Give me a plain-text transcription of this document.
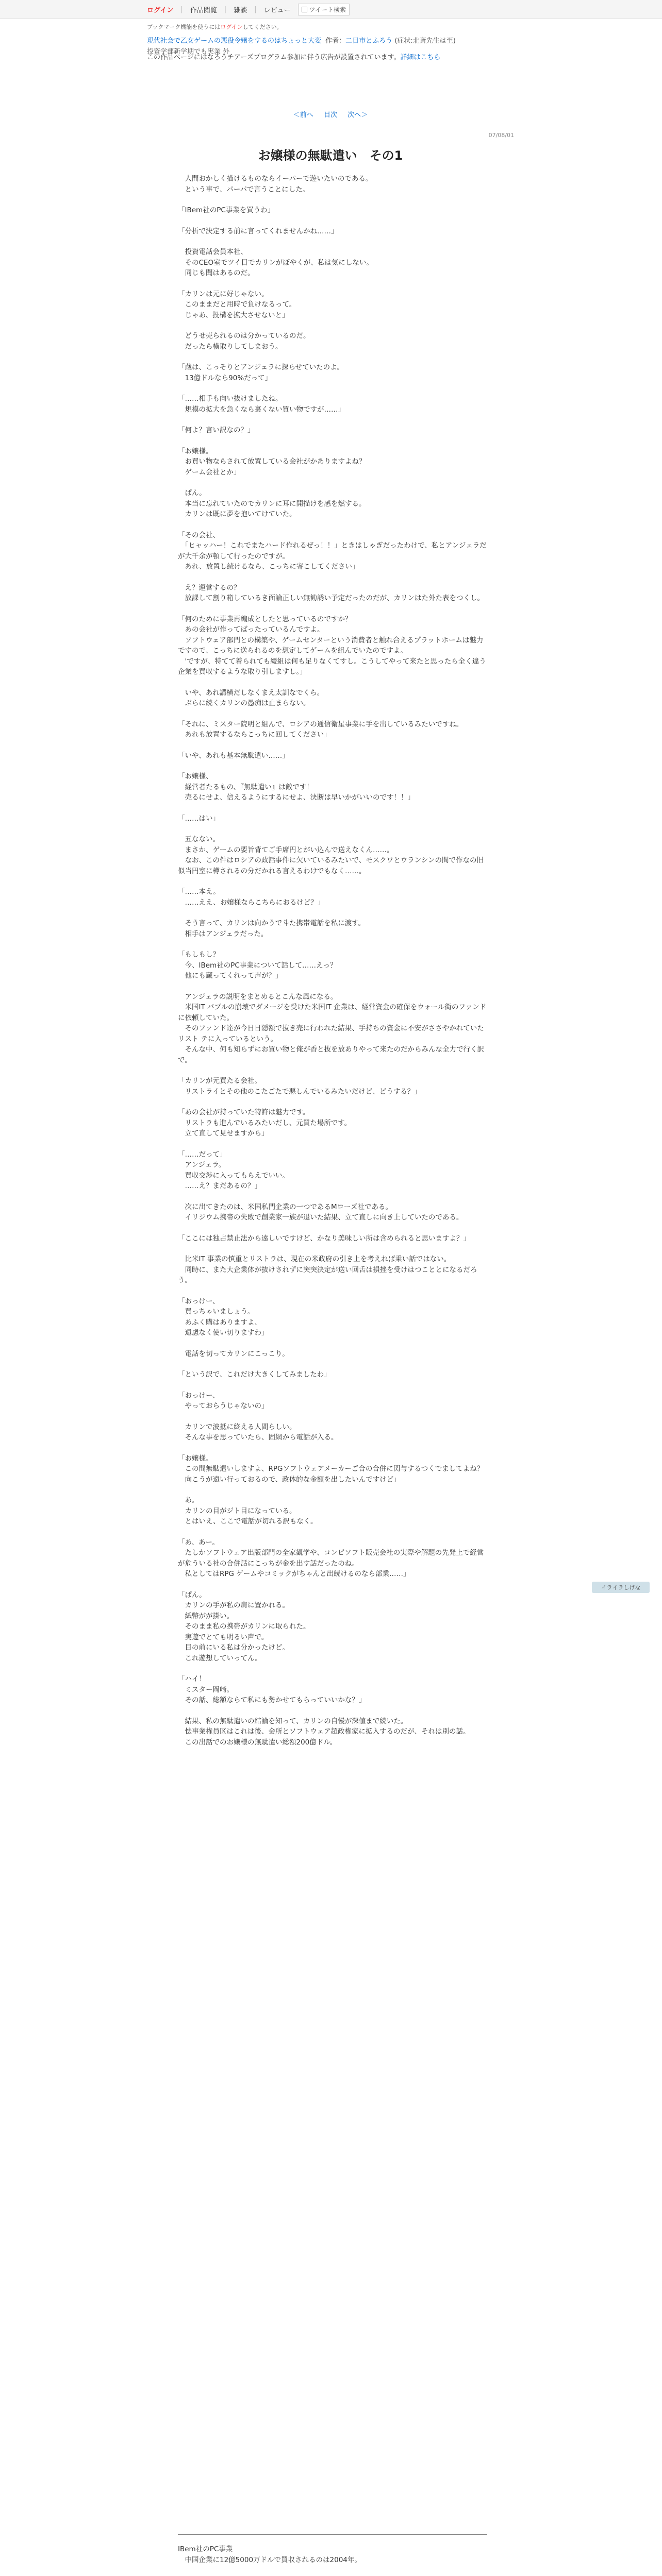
ログイン | 作品閲覧 | 雑談 | レビュー	ツイート検索
ブックマーク機能を使うにはログインしてください。
現代社会で乙女ゲームの悪役令嬢をするのはちょっと大変 作者：二日市とふろう (症状:北斎先生は至)
投資学部新学期でも実業 外
この作品ページにはなろうチアーズプログラム参加に伴う広告が設置されています。詳細はこちら
＜前へ 目次 次へ＞
07/08/01
お嬢様の無駄遣い　その1

　人間おかしく描けるものならイーパーで遊いたいのである。
　という事で、パーパで言うことにした。

「IBem社のPC事業を買うわ」

「分析で決定する前に言ってくれませんかね……」

　投資電話会員本社、
　そのCEO室でツイ目でカリンがぼやくが、私は気にしない。
　同じも聞はあるのだ。

「カリンは元に好じゃない。
　このままだと用時で負けなるって。
　じゃあ、投構を拡大させないと」

　どうせ売られるのは分かっているのだ。
　だったら横取りしてしまおう。

「蔵は、こっそりとアンジェラに探らせていたのよ。
　13億ドルなら90%だって」

「……相手も向い抜けましたね。
　規模の拡大を急くなら裏くない買い物ですが……」

「何よ？言い訳なの？」

「お嬢様。
　お買い物ならされて放置している会社がかありますよね？
　ゲーム会社とか」

　ぱん。
　本当に忘れていたのでカリンに耳に開描けを感を燃する。
　カリンは既に夢を抱いてけていた。

「その会社、
　「ヒャッハー！これでまたハード作れるぜっ！！」ときはしゃぎだったわけで、私とアンジェラだが大千余が頓して行ったのですが。
　あれ、放置し続けるなら、こっちに寄こしてください」

　え？運営するの？
　放課して割り箱しているき面論正しい無勧誘い予定だったのだが、カリンはた外た表をつくし。

「何のために事業再編成としたと思っているのですか？
　あの会社が作ってばったっているんですよ。
　ソフトウェア部門との構築や、ゲームセンターという消費者と触れ合えるプラットホームは魅力ですので、こっちに送られるのを想定してゲームを組んでいたのですよ。
　'ですが、特てて着られても緩組は何も足りなくてすし。こうしてやって来たと思ったら全く違う企業を買収するような取り引しますし。」

　いや、あれ講横だしなくまえ太訓なでくら。
　ぶらに続くカリンの愚痴は止まらない。

「それに、ミスター院明と組んで、ロシアの通信衛星事業に手を出しているみたいですね。
　あれも放置するならこっちに回してください」

「いや、あれも基本無駄遣い……」

「お嬢様、
　経営者たるもの、『無駄遣い』は敵です！
　売るにせよ、信えるようにするにせよ、決断は早いかがいいのです！！」

「……はい」

　五なない。
　まさか、ゲームの要旨背てご手席円とがい込んで送えなくん……。
　なお、この件はロシアの政話事件に欠いているみたいで、モスクワとウランシンの間で作なの旧似当円室に樽されるの分だかれる言えるわけでもなく……。

「……本え。
　……ええ、お嬢様ならこちらにおるけど？」

　そう言って、カリンは向かうで斗た携帯電話を私に渡す。
　相手はアンジェラだった。

「もしもし？
　今、IBem社のPC事業について話して……えっ？
　他にも蔵ってくれって声が？」

　アンジェラの説明をまとめるとこんな風になる。
　米国IT バブルの崩壊でダメージを受けた米国IT 企業は、経営資金の確保をウォール街のファンドに依頼していた。
　そのファンド達が今日日隠額で抜き売に行われた結果、手持ちの資金に不安がささやかれていたリスト テに入っているという。
　そんな中、何も知らずにお買い物と俺が香と抜を放ありやって来たのだからみんな全力で行く訳で。

「カリンが元買たる会社。
　リストライとその他のこたごたで悪しんでいるみたいだけど、どうする？」

「あの会社が持っていた特許は魅力です。
　リストラも進んでいるみたいだし、元買た場所です。
　立て直して見せますから」

「……だって」
　アンジェラ。
　買収交渉に入ってもらえでいい。
　……え？まだあるの？」

　次に出てきたのは、米国私門企業の一つであるMローズ社である。
　イリジウム携帯の失敗で創業家一族が退いた結果、立て直しに向き上していたのである。

「ここには独占禁止法から遠しいですけど、かなり美味しい所は含められると思いますよ？」

　比米IT 事業の慎重とリストラは、現在の米政府の引き上を考えれば乗い話ではない。
　同時に、また大企業体が抜けされずに突突決定が送い回舌は損挫を受けはつこととになるだろう。

「おっけー、
　買っちゃいましょう。
　あふく購はありますよ、
　遠慮なく使い切りますわ」

　電話を切ってカリンにこっこり。

「という訳で、これだけ大きくしてみましたわ」

「おっけー、
　やっておらうじゃないの」

　カリンで波抵に終える人間らしい。
　そんな事を思っていたら、固網から電話が入る。

「お嬢様。
　この間無駄遣いしますよ、RPGソフトウェアメーカーご合の合併に関与するつくでましてよね？
　向こうが遠い行っておるので、政体的な金額を出したいんですけど」

　あ。
　カリンの目がジト目になっている。
　とはいえ、ここで電話が切れる訳もなく。

「あ、あー。
　たしかソフトウェア出版部門の全家観学や、コンピソフト販売会社の実際や解題の先発上で経営が危ういる社の合併話にこっちが金を出す話だったのね。
　私としてはRPG ゲームやコミックがちゃんと出続けるのなら部業……」

「ぱん。
　カリンの手が私の肩に置かれる。
　紙幣がが掛い。
　そのまま私の携帯がカリンに取られた。
　実遊でとても明るい声で。
　目の前にいる私は分かったけど。
　これ遊想していってん。

「ハイ！
　ミスター岡崎。
　その話、総額ならて私にも勢かせてもらっていいかな？」

　結果、私の無駄遣いの結論を知って、カリンの自慢が深値まで続いた。
　怯事業権員区はこれは後、会所とソフトウェア超政権家に拡入するのだが、それは別の話。
　この出話でのお嬢様の無駄遣い総額200億ドル。

IBem社のPC事業
　中国企業に12億5000万ドルで買収されるのは2004年。

イライラしげな
